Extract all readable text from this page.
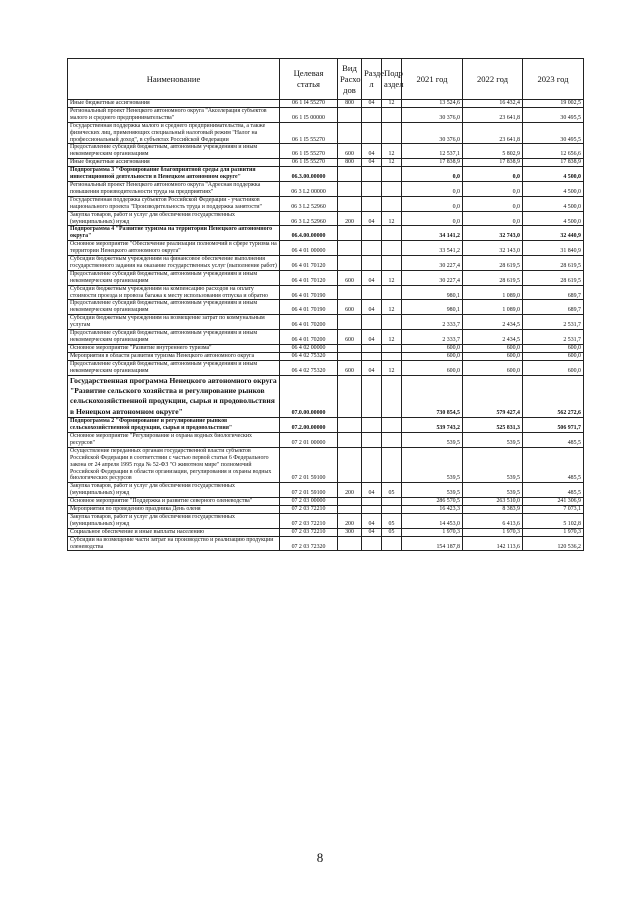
Наименование	Целевая статья	Вид Расхо дов	Разде л	Подр аздел	2021 год	2022 год	2023 год
Иные бюджетные ассигнования	06 1 I4 55270	800	04	12	13 524,6	16 432,4	19 002,5
Региональный проект Ненецкого автономного округа "Акселерация субъектов малого и среднего предпринимательства"	06 1 I5 00000				30 376,0	23 641,8	30 495,5
Государственная поддержка малого и среднего предпринимательства, а также физических лиц, применяющих специальный налоговый режим "Налог на профессиональный доход", в субъектах Российской Федерации	06 1 I5 55270				30 376,0	23 641,8	30 495,5
Предоставление субсидий бюджетным, автономным учреждениям и иным некоммерческим организациям	06 1 I5 55270	600	04	12	12 537,1	5 802,9	12 656,6
Иные бюджетные ассигнования	06 1 I5 55270	800	04	12	17 838,9	17 838,9	17 838,9
Подпрограмма 3 "Формирование благоприятной среды для развития инвестиционной деятельности в Ненецком автономном округе"	06.3.00.00000				0,0	0,0	4 500,0
Региональный проект Ненецкого автономного округа "Адресная поддержка повышения производительности труда на предприятиях"	06 3 L2 00000				0,0	0,0	4 500,0
Государственная поддержка субъектов Российской Федерации - участников национального проекта "Производительность труда и поддержка занятости"	06 3 L2 52960				0,0	0,0	4 500,0
Закупка товаров, работ и услуг для обеспечения государственных (муниципальных) нужд	06 3 L2 52960	200	04	12	0,0	0,0	4 500,0
Подпрограмма 4 "Развитие туризма на территории Ненецкого автономного округа"	06.4.00.00000				34 141,2	32 743,0	32 440,9
Основное мероприятие "Обеспечение реализации полномочий в сфере туризма на территории Ненецкого автономного округа"	06 4 01 00000				33 541,2	32 143,0	31 840,9
Субсидии бюджетным учреждениям на финансовое обеспечение выполнения государственного задания на оказание государственных услуг (выполнение работ)	06 4 01 70120				30 227,4	28 619,5	28 619,5
Предоставление субсидий бюджетным, автономным учреждениям и иным некоммерческим организациям	06 4 01 70120	600	04	12	30 227,4	28 619,5	28 619,5
Субсидии бюджетным учреждениям на компенсацию расходов на оплату стоимости проезда и провоза багажа к месту использования отпуска и обратно	06 4 01 70190				980,1	1 089,0	689,7
Предоставление субсидий бюджетным, автономным учреждениям и иным некоммерческим организациям	06 4 01 70190	600	04	12	980,1	1 089,0	689,7
Субсидии бюджетным учреждениям на возмещение затрат по коммунальным услугам	06 4 01 70200				2 333,7	2 434,5	2 531,7
Предоставление субсидий бюджетным, автономным учреждениям и иным некоммерческим организациям	06 4 01 70200	600	04	12	2 333,7	2 434,5	2 531,7
Основное мероприятие "Развитие внутреннего туризма"	06 4 02 00000				600,0	600,0	600,0
Мероприятия в области развития туризма Ненецкого автономного округа	06 4 02 75320				600,0	600,0	600,0
Предоставление субсидий бюджетным, автономным учреждениям и иным некоммерческим организациям	06 4 02 75320	600	04	12	600,0	600,0	600,0
Государственная программа Ненецкого автономного округа "Развитие сельского хозяйства и регулирование рынков сельскохозяйственной продукции, сырья и продовольствия в Ненецком автономном округе"	07.0.00.00000				730 854,5	579 427,4	562 272,6
Подпрограмма 2 "Формирование и регулирование рынков сельскохозяйственной продукции, сырья и продовольствия"	07.2.00.00000				539 743,2	525 831,3	506 971,7
Основное мероприятие "Регулирование и охрана водных биологических ресурсов"	07 2 01 00000				539,5	539,5	485,5
Осуществление переданных органам государственной власти субъектов Российской Федерации в соответствии с частью первой статьи 6 Федерального закона от 24 апреля 1995 года № 52-ФЗ "О животном мире" полномочий Российской Федерации в области организации, регулирования и охраны водных биологических ресурсов	07 2 01 59100				539,5	539,5	485,5
Закупка товаров, работ и услуг для обеспечения государственных (муниципальных) нужд	07 2 01 59100	200	04	05	539,5	539,5	485,5
Основное мероприятие "Поддержка и развитие северного оленеводства"	07 2 03 00000				286 570,5	263 510,0	241 306,9
Мероприятия по проведению праздника День оленя	07 2 03 72210				16 423,3	8 383,9	7 073,1
Закупка товаров, работ и услуг для обеспечения государственных (муниципальных) нужд	07 2 03 72210	200	04	05	14 453,0	6 413,6	5 102,8
Социальное обеспечение и иные выплаты населению	07 2 03 72210	300	04	05	1 970,3	1 970,3	1 970,3
Субсидии на возмещение части затрат на производство и реализацию продукции оленеводства	07 2 03 72320				154 187,8	142 113,6	120 536,2
8
